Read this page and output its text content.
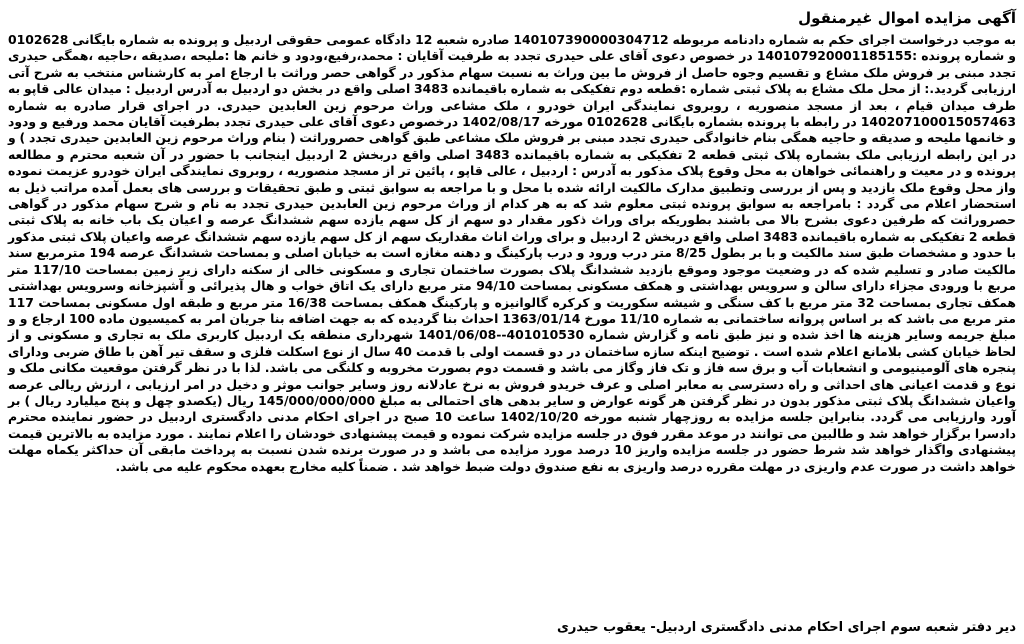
آگهی مزایده اموال غیرمنقول

به موجب درخواست اجرای حکم به شماره دادنامه مربوطه 140107390000304712 صادره شعبه 12 دادگاه عمومی حقوقی اردبیل و پرونده به شماره بایگانی 0102628 و شماره پرونده :140107920001185155 در خصوص دعوی آقای علی حیدری تجدد به طرفیت آقایان : محمد،رفیع،ودود و خانم ها :ملیحه ،صدیقه ،حاجیه ،همگی حیدری تجدد مبنی بر فروش ملک مشاع و تقسیم وجوه حاصل از فروش ما بین وراث به نسبت سهام مذکور در گواهی حصر وراثت با ارجاع امر به کارشناس منتخب به شرح آتی ارزیابی گردید.: از محل ملک مشاع به پلاک ثبتی شماره :قطعه دوم تفکیکی به شماره باقیمانده 3483 اصلی واقع در بخش دو اردبیل به آدرس اردبیل : میدان عالی قاپو به طرف میدان قیام ، بعد از مسجد منصوریه ، روبروی نمایندگی ایران خودرو ، ملک مشاعی وراث مرحوم زین العابدین حیدری. در اجرای قرار صادره به شماره 140207100015057463 در رابطه با پرونده بشماره بایگانی 0102628 مورخه 1402/08/17 درخصوص دعوی آقای علی حیدری تجدد بطرفیت آقایان محمد ورفیع و ودود و خانمها ملیحه و صدیقه و حاجیه همگی بنام خانوادگی حیدری تجدد مبنی بر فروش ملک مشاعی طبق گواهی حصروراثت ( بنام وراث مرحوم زین العابدین حیدری تجدد ) و در این رابطه ارزیابی ملک بشماره پلاک ثبتی قطعه 2 تفکیکی به شماره باقیمانده 3483 اصلی واقع دربخش 2 اردبیل اینجانب با حضور در آن شعبه محترم و مطالعه پرونده و در معیت و راهنمائی خواهان به محل وقوع پلاک مذکور به آدرس : اردبیل ، عالی قاپو ، پائین تر از مسجد منصوریه ، روبروی نمایندگی ایران خودرو عزیمت نموده واز محل وقوع ملک بازدید و پس از بررسی وتطبیق مدارک مالکیت ارائه شده با محل و با مراجعه به سوابق ثبتی و طبق تحقیقات و بررسی های بعمل آمده مراتب ذیل به استحضار اعلام می گردد : بامراجعه به سوابق پرونده ثبتی معلوم شد که به هر کدام از وراث مرحوم زین العابدین حیدری تجدد به نام و شرح سهام مذکور در گواهی حصروراثت که طرفین دعوی بشرح بالا می باشند بطوریکه برای وراث ذکور مقدار دو سهم از کل سهم یازده سهم ششدانگ عرصه و اعیان یک باب خانه به پلاک ثبتی قطعه 2 تفکیکی به شماره باقیمانده 3483 اصلی واقع دربخش 2 اردبیل و برای وراث اناث مقداریک سهم از کل سهم یازده سهم ششدانگ عرصه واعیان پلاک ثبتی مذکور با حدود و مشخصات طبق سند مالکیت و با بر بطول 8/25 متر درب ورود و درب پارکینگ و دهنه مغازه است به خیابان اصلی و بمساحت ششدانگ عرصه 194 مترمربع سند مالکیت صادر و تسلیم شده که در وضعیت موجود وموقع بازدید ششدانگ پلاک بصورت ساختمان تجاری و مسکونی خالی از سکنه دارای زیر زمین بمساحت 117/10 متر مربع با ورودی مجزاء دارای سالن و سرویس بهداشتی و همکف مسکونی بمساحت 94/10 متر مربع دارای یک اتاق خواب و هال پذیرائی و آشپزخانه وسرویس بهداشتی همکف تجاری بمساحت 32 متر مربع با کف سنگی و شیشه سکوریت و کرکره گالوانیزه و پارکینگ همکف بمساحت 16/38 متر مربع و طبقه اول مسکونی بمساحت 117 متر مربع می باشد که بر اساس پروانه ساختمانی به شماره 11/10 مورخ 1363/01/14 احداث بنا گردیده که به جهت اضافه بنا جریان امر به کمیسیون ماده 100 ارجاع و و مبلغ جریمه وسایر هزینه ها اخذ شده و نیز طبق نامه و گزارش شماره 401010530--1401/06/08 شهرداری منطقه یک اردبیل کاربری ملک به تجاری و مسکونی و از لحاظ خیابان کشی بلامانع اعلام شده است . توضیح اینکه سازه ساختمان در دو قسمت اولی با قدمت 40 سال از نوع اسکلت فلزی و سقف تیر آهن با طاق ضربی ودارای پنجره های آلومینیومی و انشعابات آب و برق سه فاز و تک فاز وگاز می باشد و قسمت دوم بصورت مخروبه و کلنگی می باشد. لذا با در نظر گرفتن موقعیت مکانی ملک و نوع و قدمت اعیانی های احداثی و راه دسترسی به معابر اصلی و عرف خریدو فروش به نرخ عادلانه روز وسایر جوانب موثر و دخیل در امر ارزیابی ، ارزش ریالی عرصه واعیان ششدانگ پلاک ثبتی مذکور بدون در نظر گرفتن هر گونه عوارض و سایر بدهی های احتمالی به مبلغ 145/000/000/000 ریال (یکصدو چهل و پنج میلیارد ریال ) بر آورد وارزیابی می گردد. بنابراین جلسه مزایده به روزچهار شنبه مورخه 1402/10/20 ساعت 10 صبح در اجرای احکام مدنی دادگستری اردبیل در حضور نماینده محترم دادسرا برگزار خواهد شد و طالبین می توانند در موعد مقرر فوق در جلسه مزایده شرکت نموده و قیمت پیشنهادی خودشان را اعلام نمایند . مورد مزایده به بالاترین قیمت پیشنهادی واگذار خواهد شد شرط حضور در جلسه مزایده واریز 10 درصد مورد مزایده می باشد و در صورت برنده شدن نسبت به پرداخت مابقی آن حداکثر یکماه مهلت خواهد داشت در صورت عدم واریزی در مهلت مقرره درصد واریزی به نفع صندوق دولت ضبط خواهد شد . ضمناً کلیه مخارج بعهده محکوم علیه می باشد.

دیر دفتر شعبه سوم اجرای احکام مدنی دادگستری اردبیل- یعقوب حیدری
